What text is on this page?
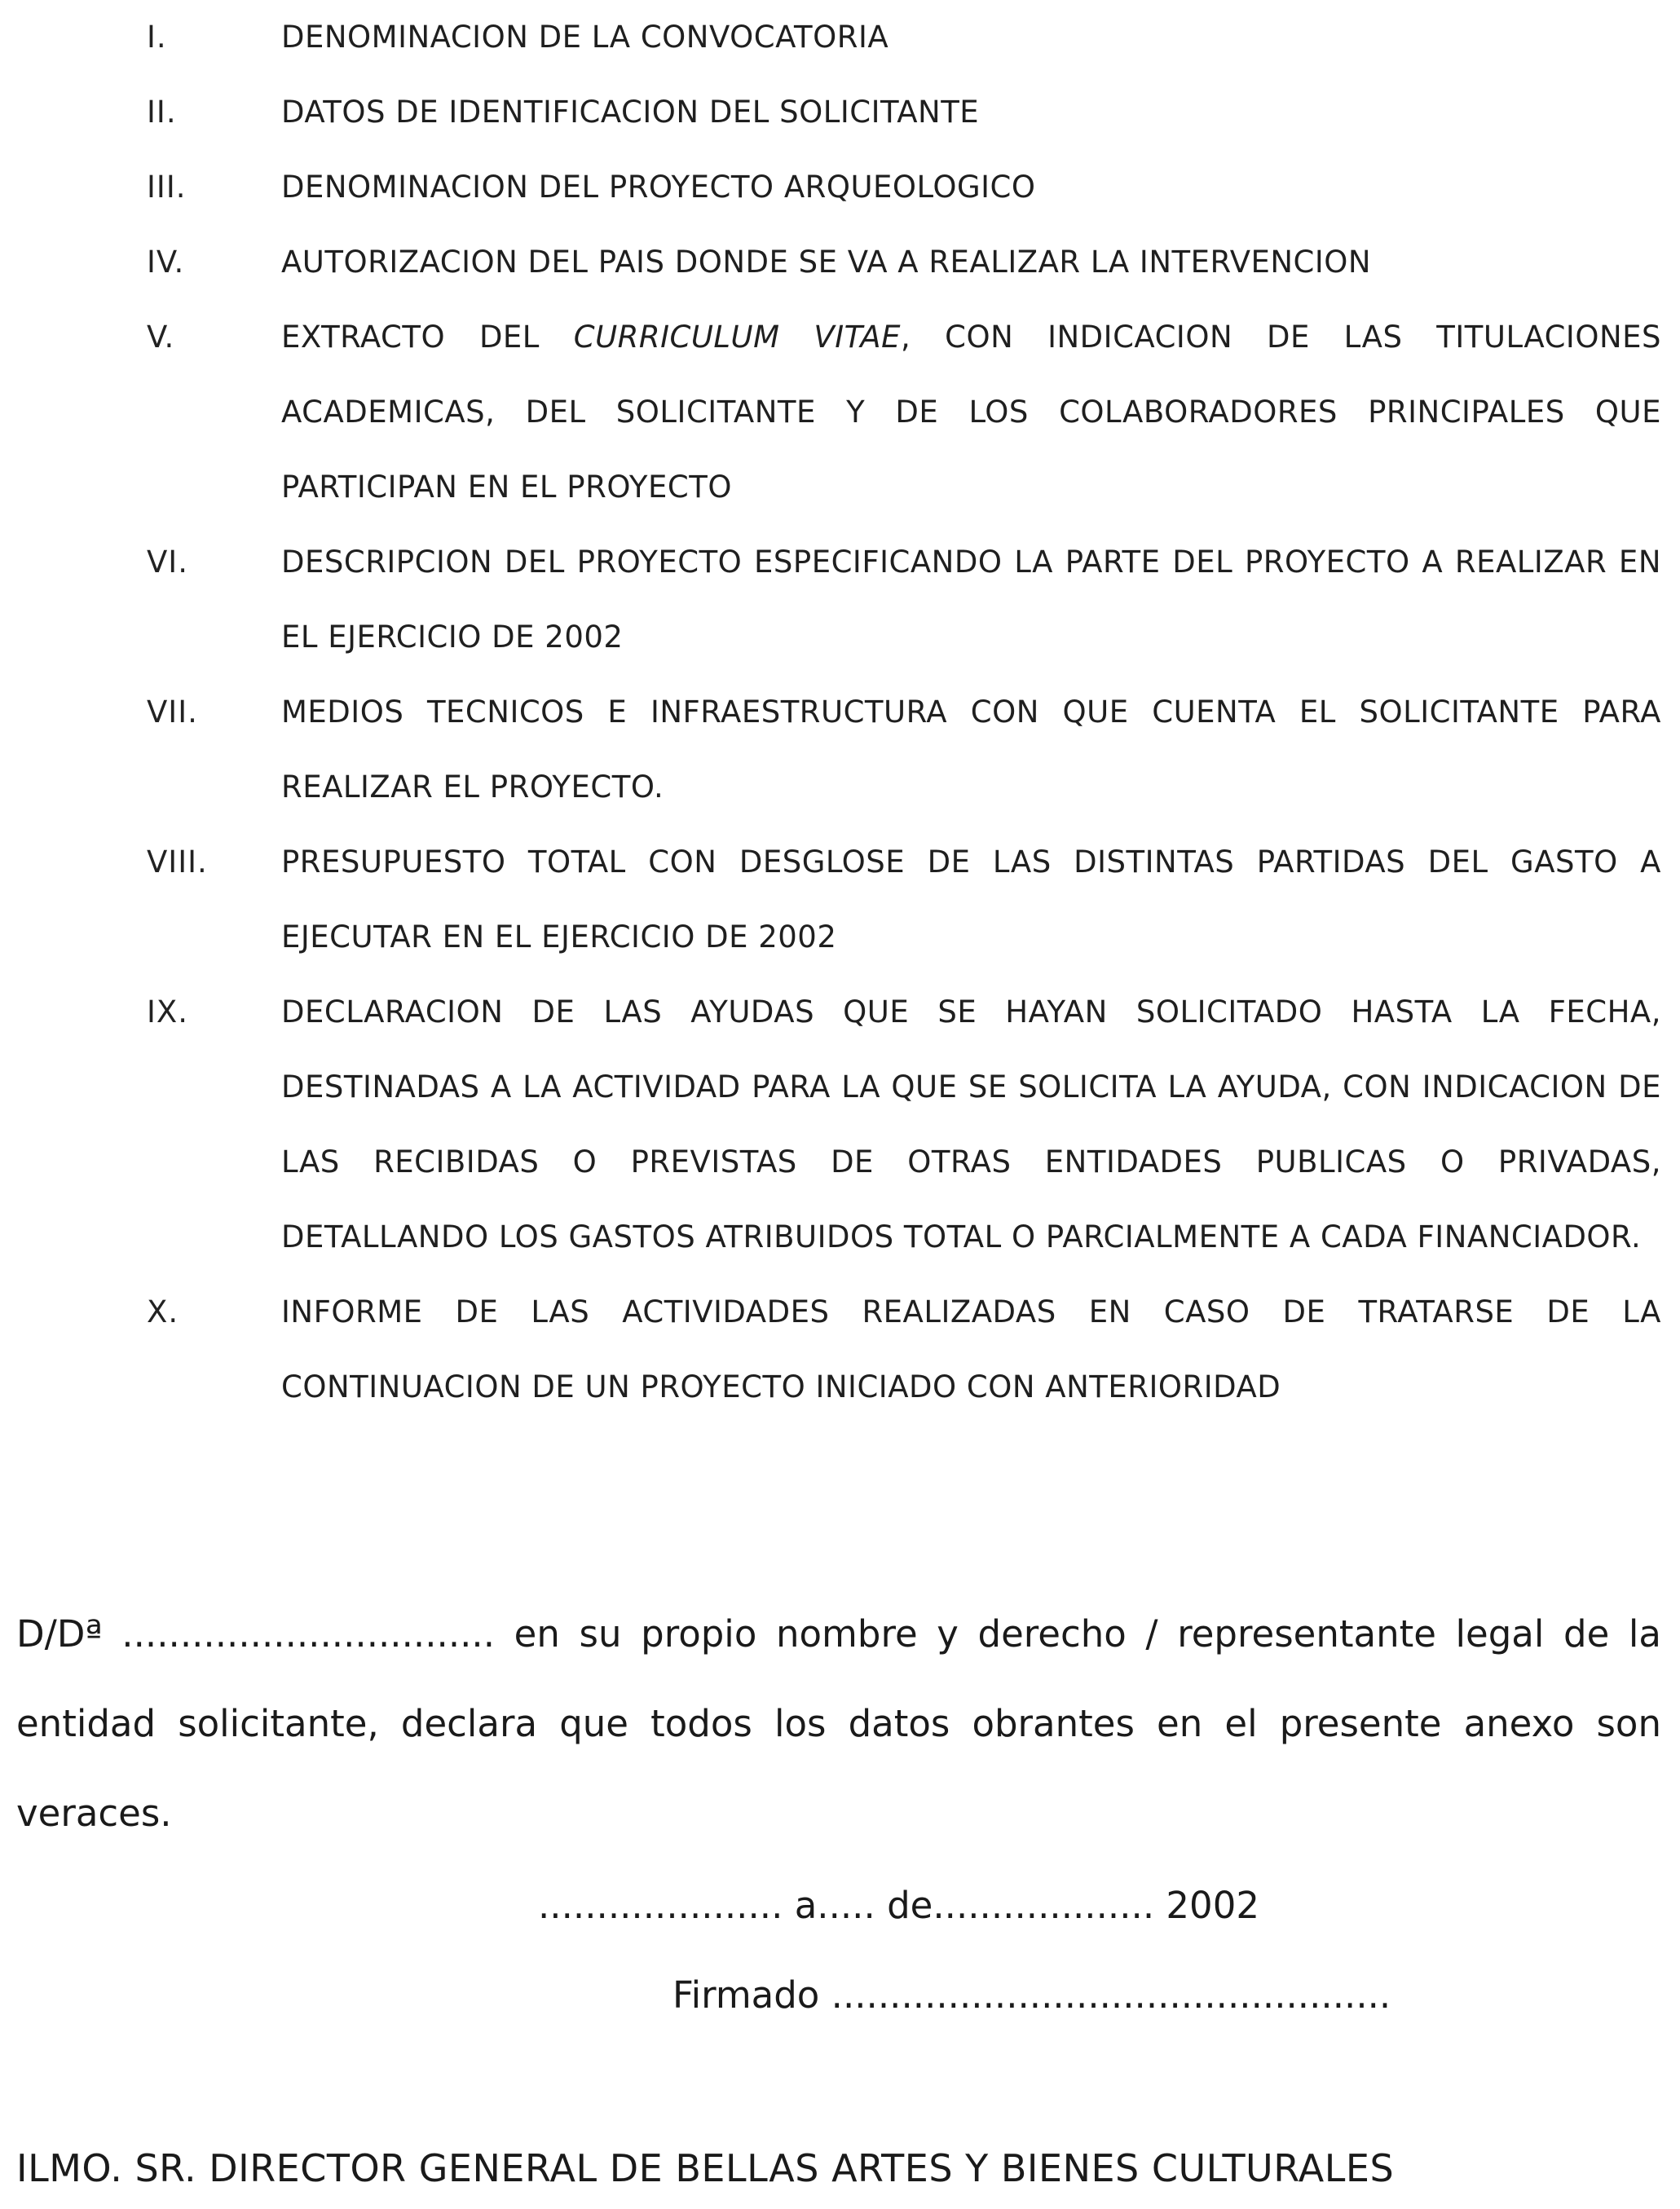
I.	DENOMINACION DE LA CONVOCATORIA
II.	DATOS DE IDENTIFICACION DEL SOLICITANTE
III.	DENOMINACION DEL PROYECTO ARQUEOLOGICO
IV.	AUTORIZACION DEL PAIS DONDE SE VA A REALIZAR LA INTERVENCION
V.	EXTRACTO DEL CURRICULUM VITAE, CON INDICACION DE LAS TITULACIONES ACADEMICAS, DEL SOLICITANTE Y DE LOS COLABORADORES PRINCIPALES QUE PARTICIPAN EN EL PROYECTO
VI.	DESCRIPCION DEL PROYECTO ESPECIFICANDO LA PARTE DEL PROYECTO A REALIZAR EN EL EJERCICIO DE 2002
VII.	MEDIOS TECNICOS E INFRAESTRUCTURA CON QUE CUENTA EL SOLICITANTE PARA REALIZAR EL PROYECTO.
VIII. PRESUPUESTO TOTAL CON DESGLOSE DE LAS DISTINTAS PARTIDAS DEL GASTO A EJECUTAR EN EL EJERCICIO DE 2002
IX.	DECLARACION DE LAS AYUDAS QUE SE HAYAN SOLICITADO HASTA LA FECHA, DESTINADAS A LA ACTIVIDAD PARA LA QUE SE SOLICITA LA AYUDA, CON INDICACION DE LAS RECIBIDAS O PREVISTAS DE OTRAS ENTIDADES PUBLICAS O PRIVADAS, DETALLANDO LOS GASTOS ATRIBUIDOS TOTAL O PARCIALMENTE A CADA FINANCIADOR.
X.	INFORME DE LAS ACTIVIDADES REALIZADAS EN CASO DE TRATARSE DE LA CONTINUACION DE UN PROYECTO INICIADO CON ANTERIORIDAD
D/Dª ................................ en su propio nombre y derecho / representante legal de la entidad solicitante, declara que todos los datos obrantes en el presente anexo son veraces.
..................... a..... de................... 2002
Firmado ................................................
ILMO. SR. DIRECTOR GENERAL DE BELLAS ARTES Y BIENES CULTURALES
